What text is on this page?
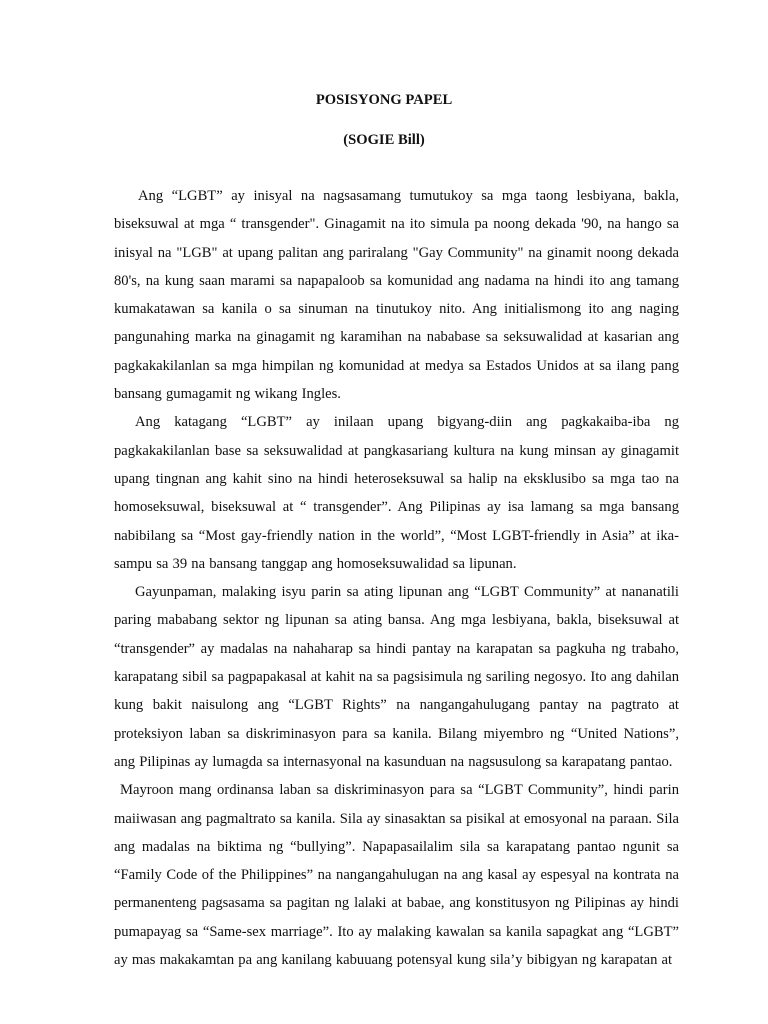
POSISYONG PAPEL
(SOGIE Bill)

Ang “LGBT” ay inisyal na nagsasamang tumutukoy sa mga taong lesbiyana, bakla, biseksuwal at mga “ transgender". Ginagamit na ito simula pa noong dekada '90, na hango sa inisyal na "LGB" at upang palitan ang pariralang "Gay Community" na ginamit noong dekada 80's, na kung saan marami sa napapaloob sa komunidad ang nadama na hindi ito ang tamang kumakatawan sa kanila o sa sinuman na tinutukoy nito. Ang initialismong ito ang naging pangunahing marka na ginagamit ng karamihan na nababase sa seksuwalidad at kasarian ang pagkakakilanlan sa mga himpilan ng komunidad at medya sa Estados Unidos at sa ilang pang bansang gumagamit ng wikang Ingles.

Ang katagang “LGBT” ay inilaan upang bigyang-diin ang pagkakaiba-iba ng pagkakakilanlan base sa seksuwalidad at pangkasariang kultura na kung minsan ay ginagamit upang tingnan ang kahit sino na hindi heteroseksuwal sa halip na eksklusibo sa mga tao na homoseksuwal, biseksuwal at “ transgender”. Ang Pilipinas ay isa lamang sa mga bansang nabibilang sa “Most gay-friendly nation in the world”, “Most LGBT-friendly in Asia” at ika-sampu sa 39 na bansang tanggap ang homoseksuwalidad sa lipunan.

Gayunpaman, malaking isyu parin sa ating lipunan ang “LGBT Community” at nananatili paring mababang sektor ng lipunan sa ating bansa. Ang mga lesbiyana, bakla, biseksuwal at “transgender” ay madalas na nahaharap sa hindi pantay na karapatan sa pagkuha ng trabaho, karapatang sibil sa pagpapakasal at kahit na sa pagsisimula ng sariling negosyo. Ito ang dahilan kung bakit naisulong ang “LGBT Rights” na nangangahulugang pantay na pagtrato at proteksiyon laban sa diskriminasyon para sa kanila. Bilang miyembro ng “United Nations”, ang Pilipinas ay lumagda sa internasyonal na kasunduan na nagsusulong sa karapatang pantao.

Mayroon mang ordinansa laban sa diskriminasyon para sa “LGBT Community”, hindi parin maiiwasan ang pagmaltrato sa kanila. Sila ay sinasaktan sa pisikal at emosyonal na paraan. Sila ang madalas na biktima ng “bullying”. Napapasailalim sila sa karapatang pantao ngunit sa “Family Code of the Philippines” na nangangahulugan na ang kasal ay espesyal na kontrata na permanenteng pagsasama sa pagitan ng lalaki at babae, ang konstitusyon ng Pilipinas ay hindi pumapayag sa “Same-sex marriage”. Ito ay malaking kawalan sa kanila sapagkat ang “LGBT” ay mas makakamtan pa ang kanilang kabuuang potensyal kung sila’y bibigyan ng karapatan at
